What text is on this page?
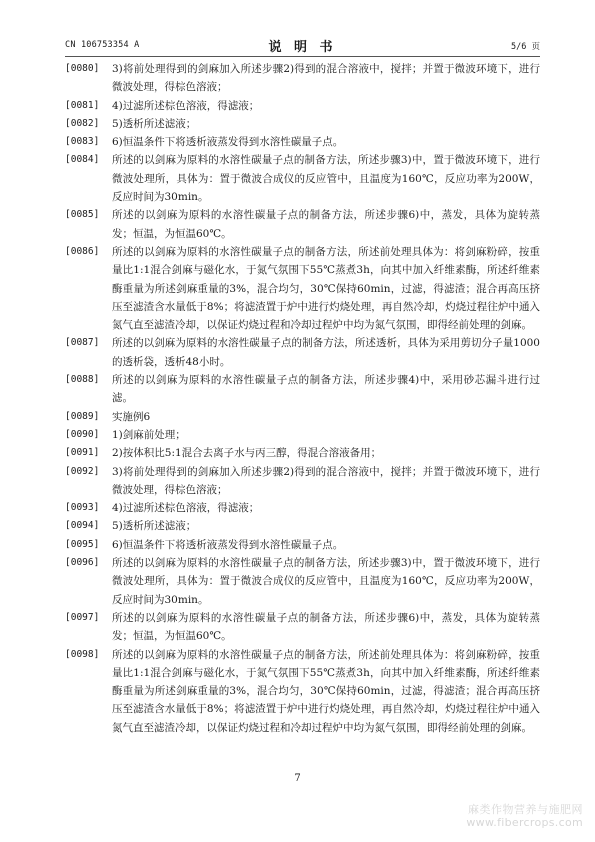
CN 106753354 A	说 明 书	5/6 页

[0080] 3)将前处理得到的剑麻加入所述步骤2)得到的混合溶液中，搅拌；并置于微波环境下，进行微波处理，得棕色溶液；

[0081] 4)过滤所述棕色溶液，得滤液；

[0082] 5)透析所述滤液；

[0083] 6)恒温条件下将透析液蒸发得到水溶性碳量子点。

[0084] 所述的以剑麻为原料的水溶性碳量子点的制备方法，所述步骤3)中，置于微波环境下，进行微波处理所，具体为：置于微波合成仪的反应管中，且温度为160℃，反应功率为200W，反应时间为30min。

[0085] 所述的以剑麻为原料的水溶性碳量子点的制备方法，所述步骤6)中，蒸发，具体为旋转蒸发；恒温，为恒温60℃。

[0086] 所述的以剑麻为原料的水溶性碳量子点的制备方法，所述前处理具体为：将剑麻粉碎，按重量比1:1混合剑麻与磁化水，于氮气氛围下55℃蒸煮3h，向其中加入纤维素酶，所述纤维素酶重量为所述剑麻重量的3%，混合均匀，30℃保持60min，过滤，得滤渣；混合再高压挤压至滤渣含水量低于8%；将滤渣置于炉中进行灼烧处理，再自然冷却，灼烧过程往炉中通入氮气直至滤渣冷却，以保证灼烧过程和冷却过程炉中均为氮气氛围，即得经前处理的剑麻。

[0087] 所述的以剑麻为原料的水溶性碳量子点的制备方法，所述透析，具体为采用剪切分子量1000的透析袋，透析48小时。

[0088] 所述的以剑麻为原料的水溶性碳量子点的制备方法，所述步骤4)中，采用砂芯漏斗进行过滤。

[0089] 实施例6

[0090] 1)剑麻前处理；

[0091] 2)按体积比5:1混合去离子水与丙三醇，得混合溶液备用；

[0092] 3)将前处理得到的剑麻加入所述步骤2)得到的混合溶液中，搅拌；并置于微波环境下，进行微波处理，得棕色溶液；

[0093] 4)过滤所述棕色溶液，得滤液；

[0094] 5)透析所述滤液；

[0095] 6)恒温条件下将透析液蒸发得到水溶性碳量子点。

[0096] 所述的以剑麻为原料的水溶性碳量子点的制备方法，所述步骤3)中，置于微波环境下，进行微波处理所，具体为：置于微波合成仪的反应管中，且温度为160℃，反应功率为200W，反应时间为30min。

[0097] 所述的以剑麻为原料的水溶性碳量子点的制备方法，所述步骤6)中，蒸发，具体为旋转蒸发；恒温，为恒温60℃。

[0098] 所述的以剑麻为原料的水溶性碳量子点的制备方法，所述前处理具体为：将剑麻粉碎，按重量比1:1混合剑麻与磁化水，于氮气氛围下55℃蒸煮3h，向其中加入纤维素酶，所述纤维素酶重量为所述剑麻重量的3%，混合均匀，30℃保持60min，过滤，得滤渣；混合再高压挤压至滤渣含水量低于8%；将滤渣置于炉中进行灼烧处理，再自然冷却，灼烧过程往炉中通入氮气直至滤渣冷却，以保证灼烧过程和冷却过程炉中均为氮气氛围，即得经前处理的剑麻。

7
麻类作物营养与施肥网
www.fibercrops.com
